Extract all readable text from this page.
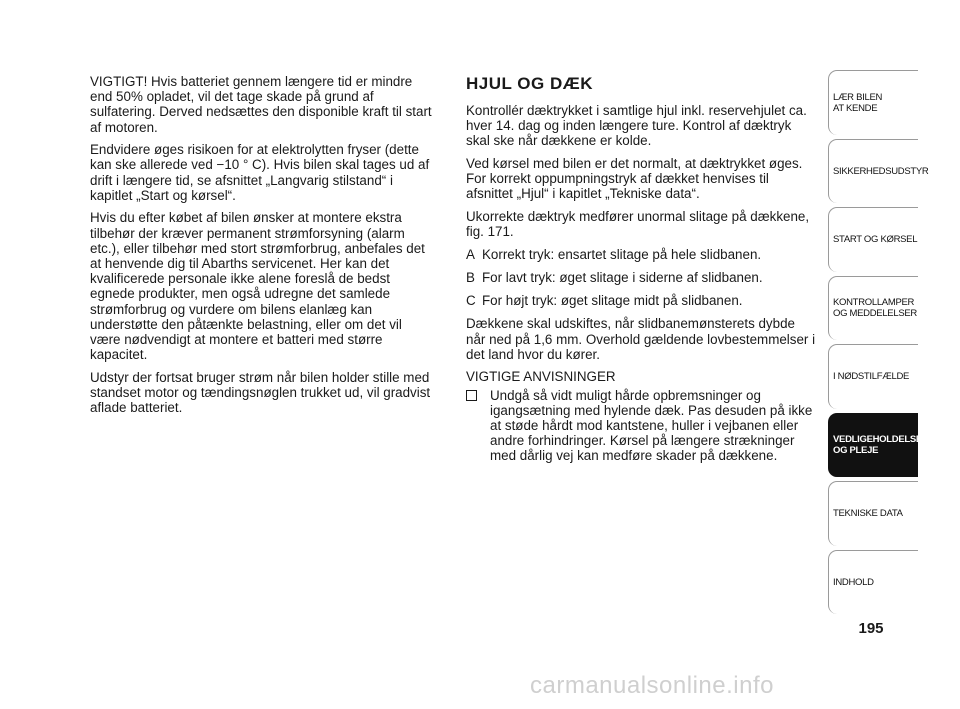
VIGTIGT! Hvis batteriet gennem længere tid er mindre end 50% opladet, vil det tage skade på grund af sulfatering. Derved nedsættes den disponible kraft til start af motoren.

Endvidere øges risikoen for at elektrolytten fryser (dette kan ske allerede ved −10 ° C). Hvis bilen skal tages ud af drift i længere tid, se afsnittet „Langvarig stilstand“ i kapitlet „Start og kørsel“.

Hvis du efter købet af bilen ønsker at montere ekstra tilbehør der kræver permanent strømforsyning (alarm etc.), eller tilbehør med stort strømforbrug, anbefales det at henvende dig til Abarths servicenet. Her kan det kvalificerede personale ikke alene foreslå de bedst egnede produkter, men også udregne det samlede strømforbrug og vurdere om bilens elanlæg kan understøtte den påtænkte belastning, eller om det vil være nødvendigt at montere et batteri med større kapacitet.

Udstyr der fortsat bruger strøm når bilen holder stille med standset motor og tændingsnøglen trukket ud, vil gradvist aflade batteriet.

HJUL OG DÆK

Kontrollér dæktrykket i samtlige hjul inkl. reservehjulet ca. hver 14. dag og inden længere ture. Kontrol af dæktryk skal ske når dækkene er kolde.

Ved kørsel med bilen er det normalt, at dæktrykket øges. For korrekt oppumpningstryk af dækket henvises til afsnittet „Hjul“ i kapitlet „Tekniske data“.

Ukorrekte dæktryk medfører unormal slitage på dækkene, fig. 171.

A Korrekt tryk: ensartet slitage på hele slidbanen.
B For lavt tryk: øget slitage i siderne af slidbanen.
C For højt tryk: øget slitage midt på slidbanen.

Dækkene skal udskiftes, når slidbanemønsterets dybde når ned på 1,6 mm. Overhold gældende lovbestemmelser i det land hvor du kører.

VIGTIGE ANVISNINGER
Undgå så vidt muligt hårde opbremsninger og igangsætning med hylende dæk. Pas desuden på ikke at støde hårdt mod kantstene, huller i vejbanen eller andre forhindringer. Kørsel på længere strækninger med dårlig vej kan medføre skader på dækkene.
LÆR BILEN
AT KENDE
SIKKERHEDSUDSTYR
START OG KØRSEL
KONTROLLAMPER
OG MEDDELELSER
I NØDSTILFÆLDE
VEDLIGEHOLDELSE
OG PLEJE
TEKNISKE DATA
INDHOLD
195
carmanualsonline.info
